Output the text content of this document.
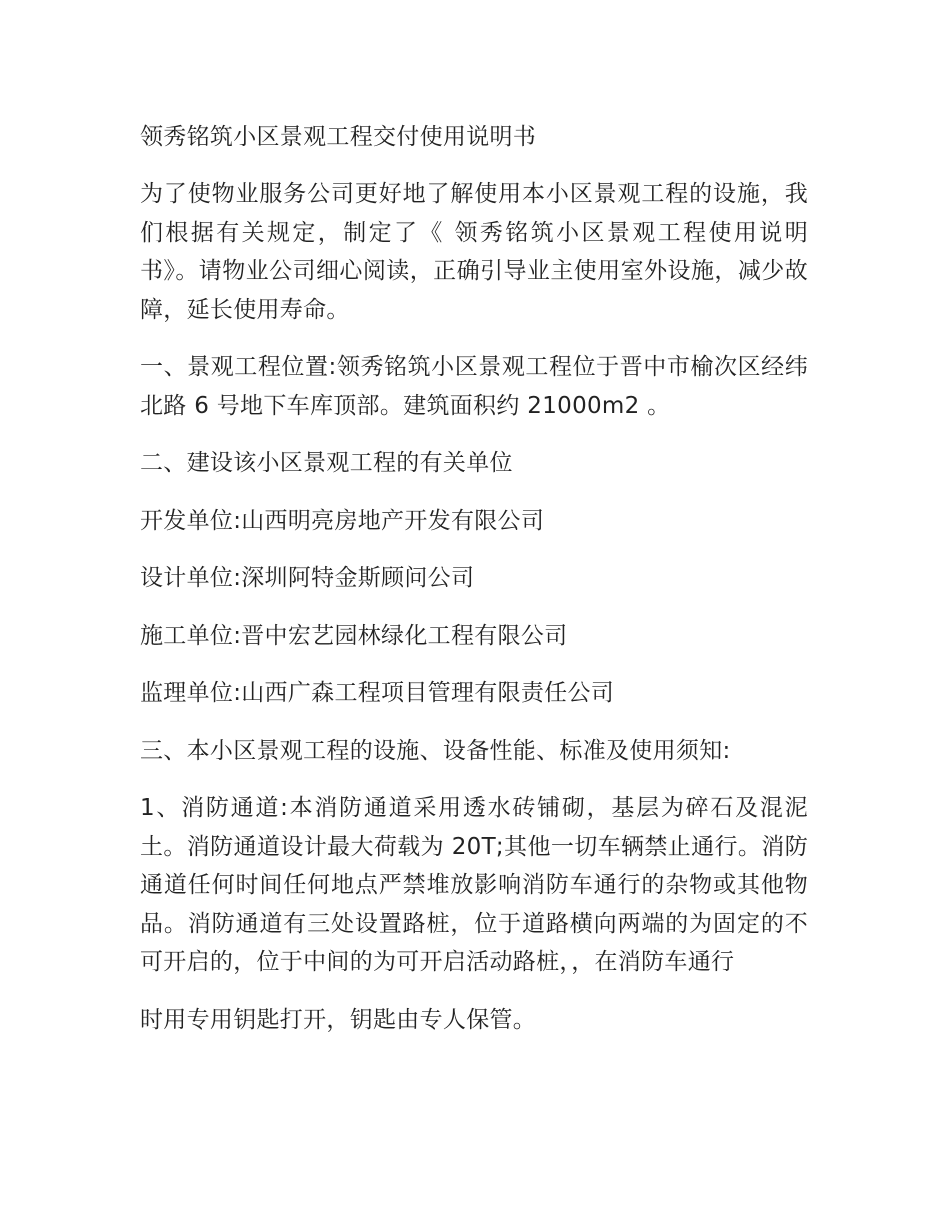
领秀铭筑小区景观工程交付使用说明书

为了使物业服务公司更好地了解使用本小区景观工程的设施，我们根据有关规定，制定了《 领秀铭筑小区景观工程使用说明书》。请物业公司细心阅读，正确引导业主使用室外设施，减少故障，延长使用寿命。

一、景观工程位置:领秀铭筑小区景观工程位于晋中市榆次区经纬北路 6 号地下车库顶部。建筑面积约 21000m2 。

二、建设该小区景观工程的有关单位

开发单位:山西明亮房地产开发有限公司

设计单位:深圳阿特金斯顾问公司

施工单位:晋中宏艺园林绿化工程有限公司

监理单位:山西广森工程项目管理有限责任公司

三、本小区景观工程的设施、设备性能、标准及使用须知:

1、消防通道:本消防通道采用透水砖铺砌，基层为碎石及混泥土。消防通道设计最大荷载为 20T;其他一切车辆禁止通行。消防通道任何时间任何地点严禁堆放影响消防车通行的杂物或其他物品。消防通道有三处设置路桩，位于道路横向两端的为固定的不可开启的，位于中间的为可开启活动路桩，，在消防车通行

时用专用钥匙打开，钥匙由专人保管。
